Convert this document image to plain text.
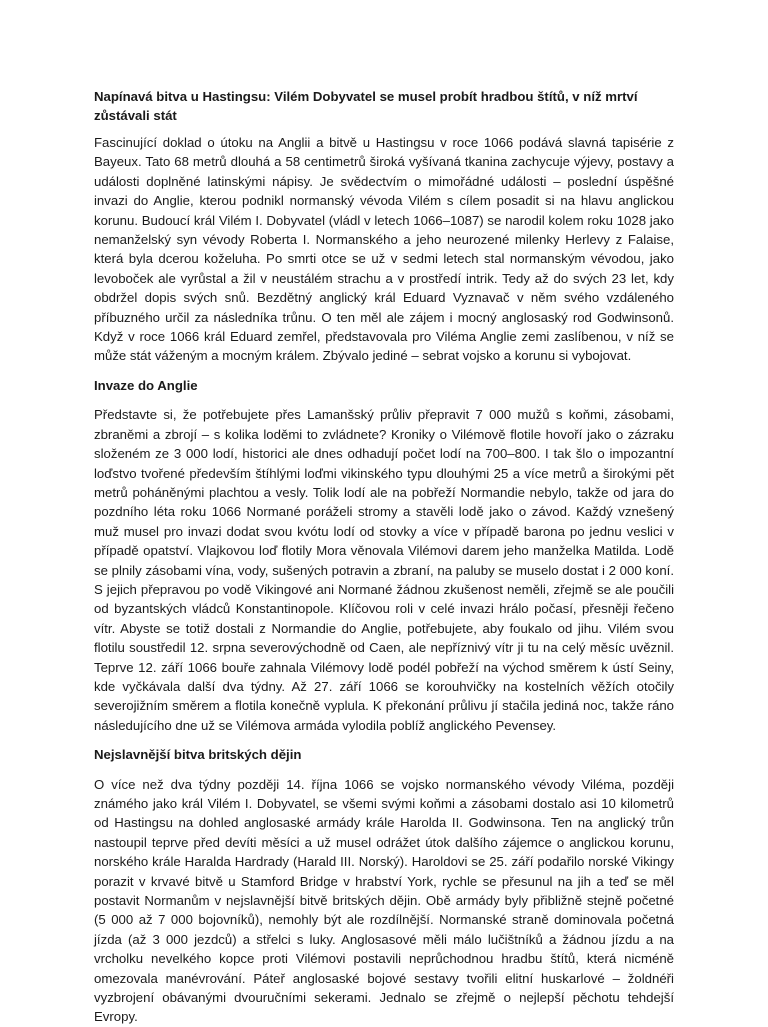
Napínavá bitva u Hastingsu: Vilém Dobyvatel se musel probít hradbou štítů, v níž mrtví zůstávali stát

Fascinující doklad o útoku na Anglii a bitvě u Hastingsu v roce 1066 podává slavná tapisérie z Bayeux. Tato 68 metrů dlouhá a 58 centimetrů široká vyšívaná tkanina zachycuje výjevy, postavy a události doplněné latinskými nápisy. Je svědectvím o mimořádné události – poslední úspěšné invazi do Anglie, kterou podnikl normanský vévoda Vilém s cílem posadit si na hlavu anglickou korunu. Budoucí král Vilém I. Dobyvatel (vládl v letech 1066–1087) se narodil kolem roku 1028 jako nemanželský syn vévody Roberta I. Normanského a jeho neurozené milenky Herlevy z Falaise, která byla dcerou koželuha. Po smrti otce se už v sedmi letech stal normanským vévodou, jako levoboček ale vyrůstal a žil v neustálém strachu a v prostředí intrik. Tedy až do svých 23 let, kdy obdržel dopis svých snů. Bezdětný anglický král Eduard Vyznavač v něm svého vzdáleného příbuzného určil za následníka trůnu. O ten měl ale zájem i mocný anglosaský rod Godwinsonů. Když v roce 1066 král Eduard zemřel, představovala pro Viléma Anglie zemi zaslíbenou, v níž se může stát váženým a mocným králem. Zbývalo jediné – sebrat vojsko a korunu si vybojovat.

Invaze do Anglie

Představte si, že potřebujete přes Lamanšský průliv přepravit 7 000 mužů s koňmi, zásobami, zbraněmi a zbrojí – s kolika loděmi to zvládnete? Kroniky o Vilémově flotile hovoří jako o zázraku složeném ze 3 000 lodí, historici ale dnes odhadují počet lodí na 700–800. I tak šlo o impozantní loďstvo tvořené především štíhlými loďmi vikinského typu dlouhými 25 a více metrů a širokými pět metrů poháněnými plachtou a vesly. Tolik lodí ale na pobřeží Normandie nebylo, takže od jara do pozdního léta roku 1066 Normané poráželi stromy a stavěli lodě jako o závod. Každý vznešený muž musel pro invazi dodat svou kvótu lodí od stovky a více v případě barona po jednu veslici v případě opatství. Vlajkovou loď flotily Mora věnovala Vilémovi darem jeho manželka Matilda. Lodě se plnily zásobami vína, vody, sušených potravin a zbraní, na paluby se muselo dostat i 2 000 koní. S jejich přepravou po vodě Vikingové ani Normané žádnou zkušenost neměli, zřejmě se ale poučili od byzantských vládců Konstantinopole. Klíčovou roli v celé invazi hrálo počasí, přesněji řečeno vítr. Abyste se totiž dostali z Normandie do Anglie, potřebujete, aby foukalo od jihu. Vilém svou flotilu soustředil 12. srpna severovýchodně od Caen, ale nepříznivý vítr ji tu na celý měsíc uvěznil. Teprve 12. září 1066 bouře zahnala Vilémovy lodě podél pobřeží na východ směrem k ústí Seiny, kde vyčkávala další dva týdny. Až 27. září 1066 se korouhvičky na kostelních věžích otočily severojižním směrem a flotila konečně vyplula. K překonání průlivu jí stačila jediná noc, takže ráno následujícího dne už se Vilémova armáda vylodila poblíž anglického Pevensey.

Nejslavnější bitva britských dějin

O více než dva týdny později 14. října 1066 se vojsko normanského vévody Viléma, později známého jako král Vilém I. Dobyvatel, se všemi svými koňmi a zásobami dostalo asi 10 kilometrů od Hastingsu na dohled anglosaské armády krále Harolda II. Godwinsona. Ten na anglický trůn nastoupil teprve před devíti měsíci a už musel odrážet útok dalšího zájemce o anglickou korunu, norského krále Haralda Hardrady (Harald III. Norský). Haroldovi se 25. září podařilo norské Vikingy porazit v krvavé bitvě u Stamford Bridge v hrabství York, rychle se přesunul na jih a teď se měl postavit Normanům v nejslavnější bitvě britských dějin. Obě armády byly přibližně stejně početné (5 000 až 7 000 bojovníků), nemohly být ale rozdílnější. Normanské straně dominovala početná jízda (až 3 000 jezdců) a střelci s luky. Anglosasové měli málo lučištníků a žádnou jízdu a na vrcholku nevelkého kopce proti Vilémovi postavili neprůchodnou hradbu štítů, která nicméně omezovala manévrování. Páteř anglosaské bojové sestavy tvořili elitní huskarlové – žoldnéři vyzbrojení obávanými dvouručními sekerami. Jednalo se zřejmě o nejlepší pěchotu tehdejší Evropy.
